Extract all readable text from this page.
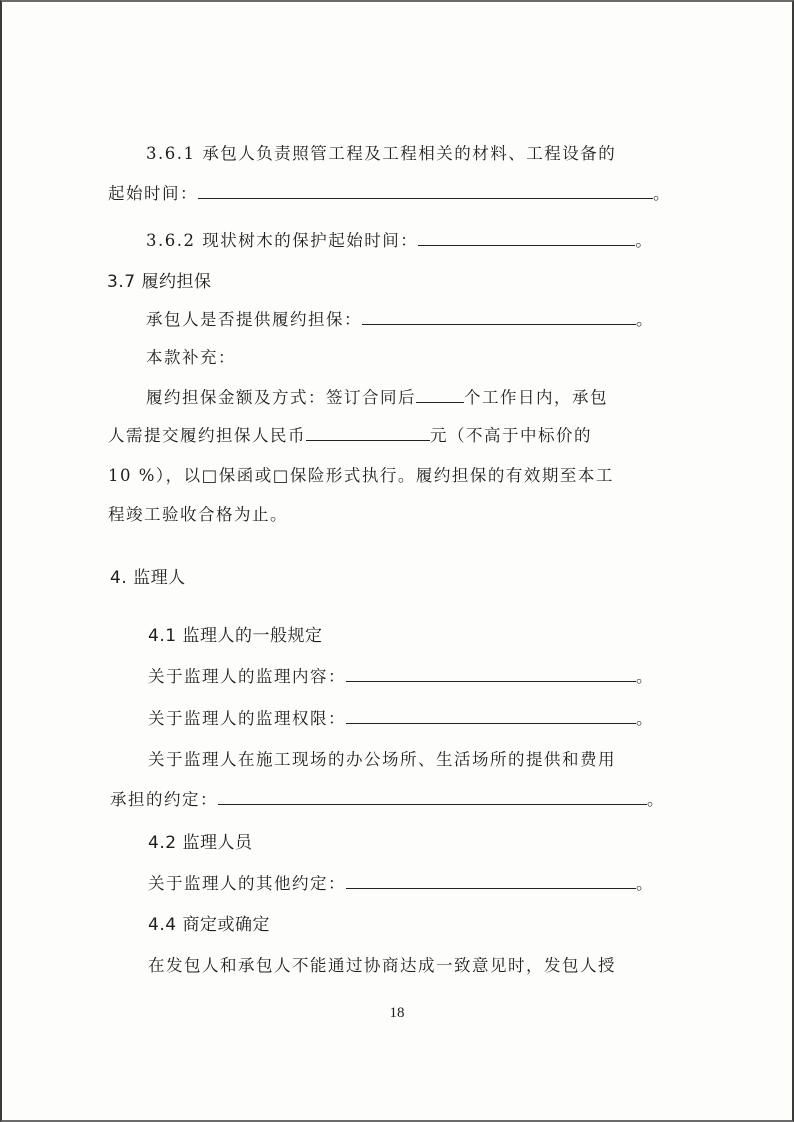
3.6.1 承包人负责照管工程及工程相关的材料、工程设备的
起始时间：	。
3.6.2 现状树木的保护起始时间：	。
3.7 履约担保
承包人是否提供履约担保：	。
本款补充：
履约担保金额及方式：签订合同后	个工作日内，承包
人需提交履约担保人民币	元（不高于中标价的
10 %），以□保函或□保险形式执行。履约担保的有效期至本工
程竣工验收合格为止。
4. 监理人
4.1 监理人的一般规定
关于监理人的监理内容：	。
关于监理人的监理权限：	。
关于监理人在施工现场的办公场所、生活场所的提供和费用
承担的约定：	。
4.2 监理人员
关于监理人的其他约定：	。
4.4 商定或确定
在发包人和承包人不能通过协商达成一致意见时，发包人授
18
